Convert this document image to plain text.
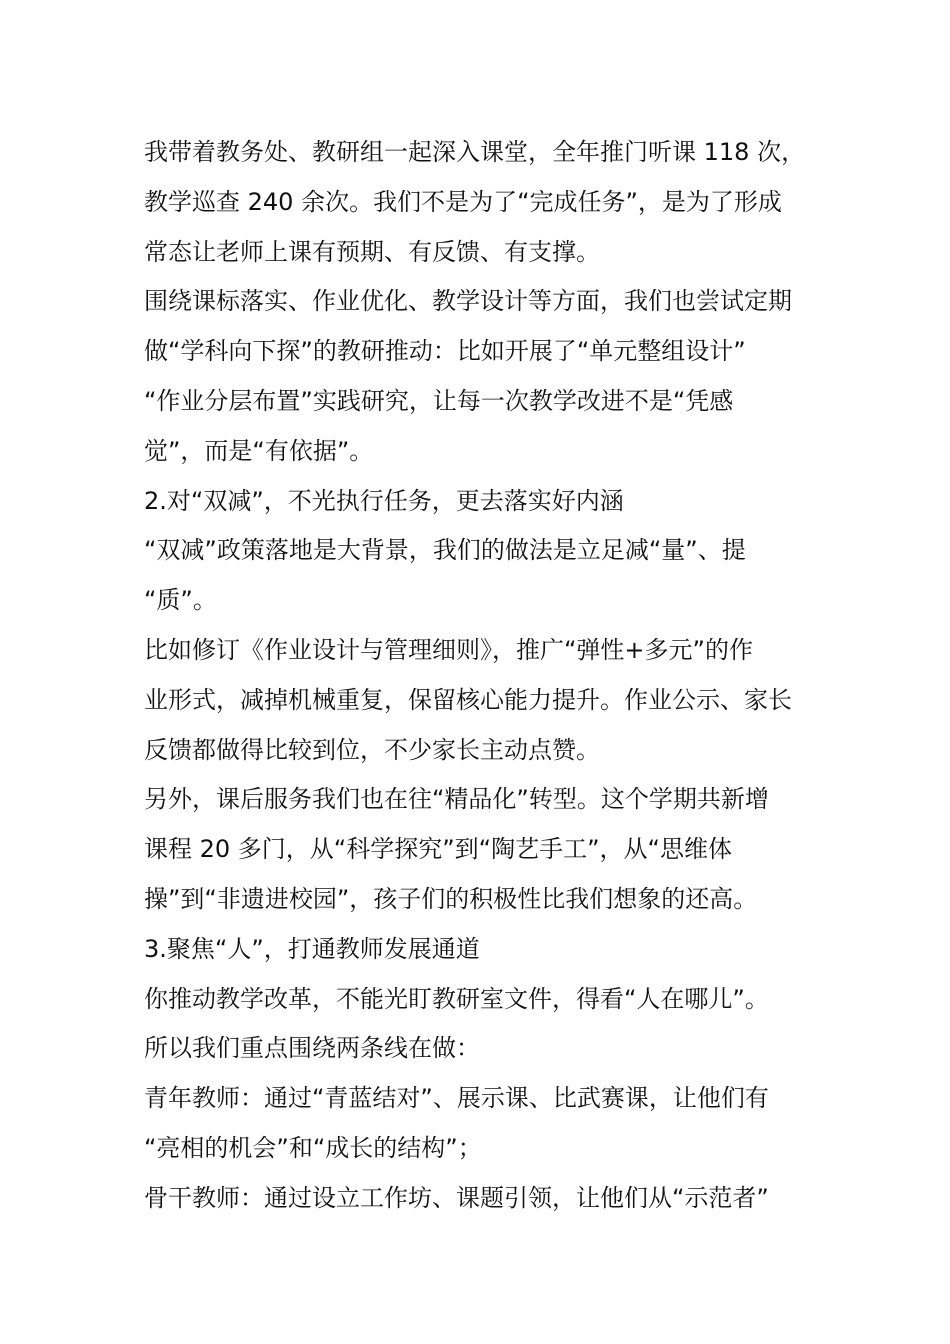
我带着教务处、教研组一起深入课堂，全年推门听课 118 次，
教学巡查 240 余次。我们不是为了“完成任务”，是为了形成
常态让老师上课有预期、有反馈、有支撑。
围绕课标落实、作业优化、教学设计等方面，我们也尝试定期
做“学科向下探”的教研推动：比如开展了“单元整组设计”
“作业分层布置”实践研究，让每一次教学改进不是“凭感
觉”，而是“有依据”。
2.对“双减”，不光执行任务，更去落实好内涵
“双减”政策落地是大背景，我们的做法是立足减“量”、提
“质”。
比如修订《作业设计与管理细则》，推广“弹性+多元”的作
业形式，减掉机械重复，保留核心能力提升。作业公示、家长
反馈都做得比较到位，不少家长主动点赞。
另外，课后服务我们也在往“精品化”转型。这个学期共新增
课程 20 多门，从“科学探究”到“陶艺手工”，从“思维体
操”到“非遗进校园”，孩子们的积极性比我们想象的还高。
3.聚焦“人”，打通教师发展通道
你推动教学改革，不能光盯教研室文件，得看“人在哪儿”。
所以我们重点围绕两条线在做：
青年教师：通过“青蓝结对”、展示课、比武赛课，让他们有
“亮相的机会”和“成长的结构”；
骨干教师：通过设立工作坊、课题引领，让他们从“示范者”
